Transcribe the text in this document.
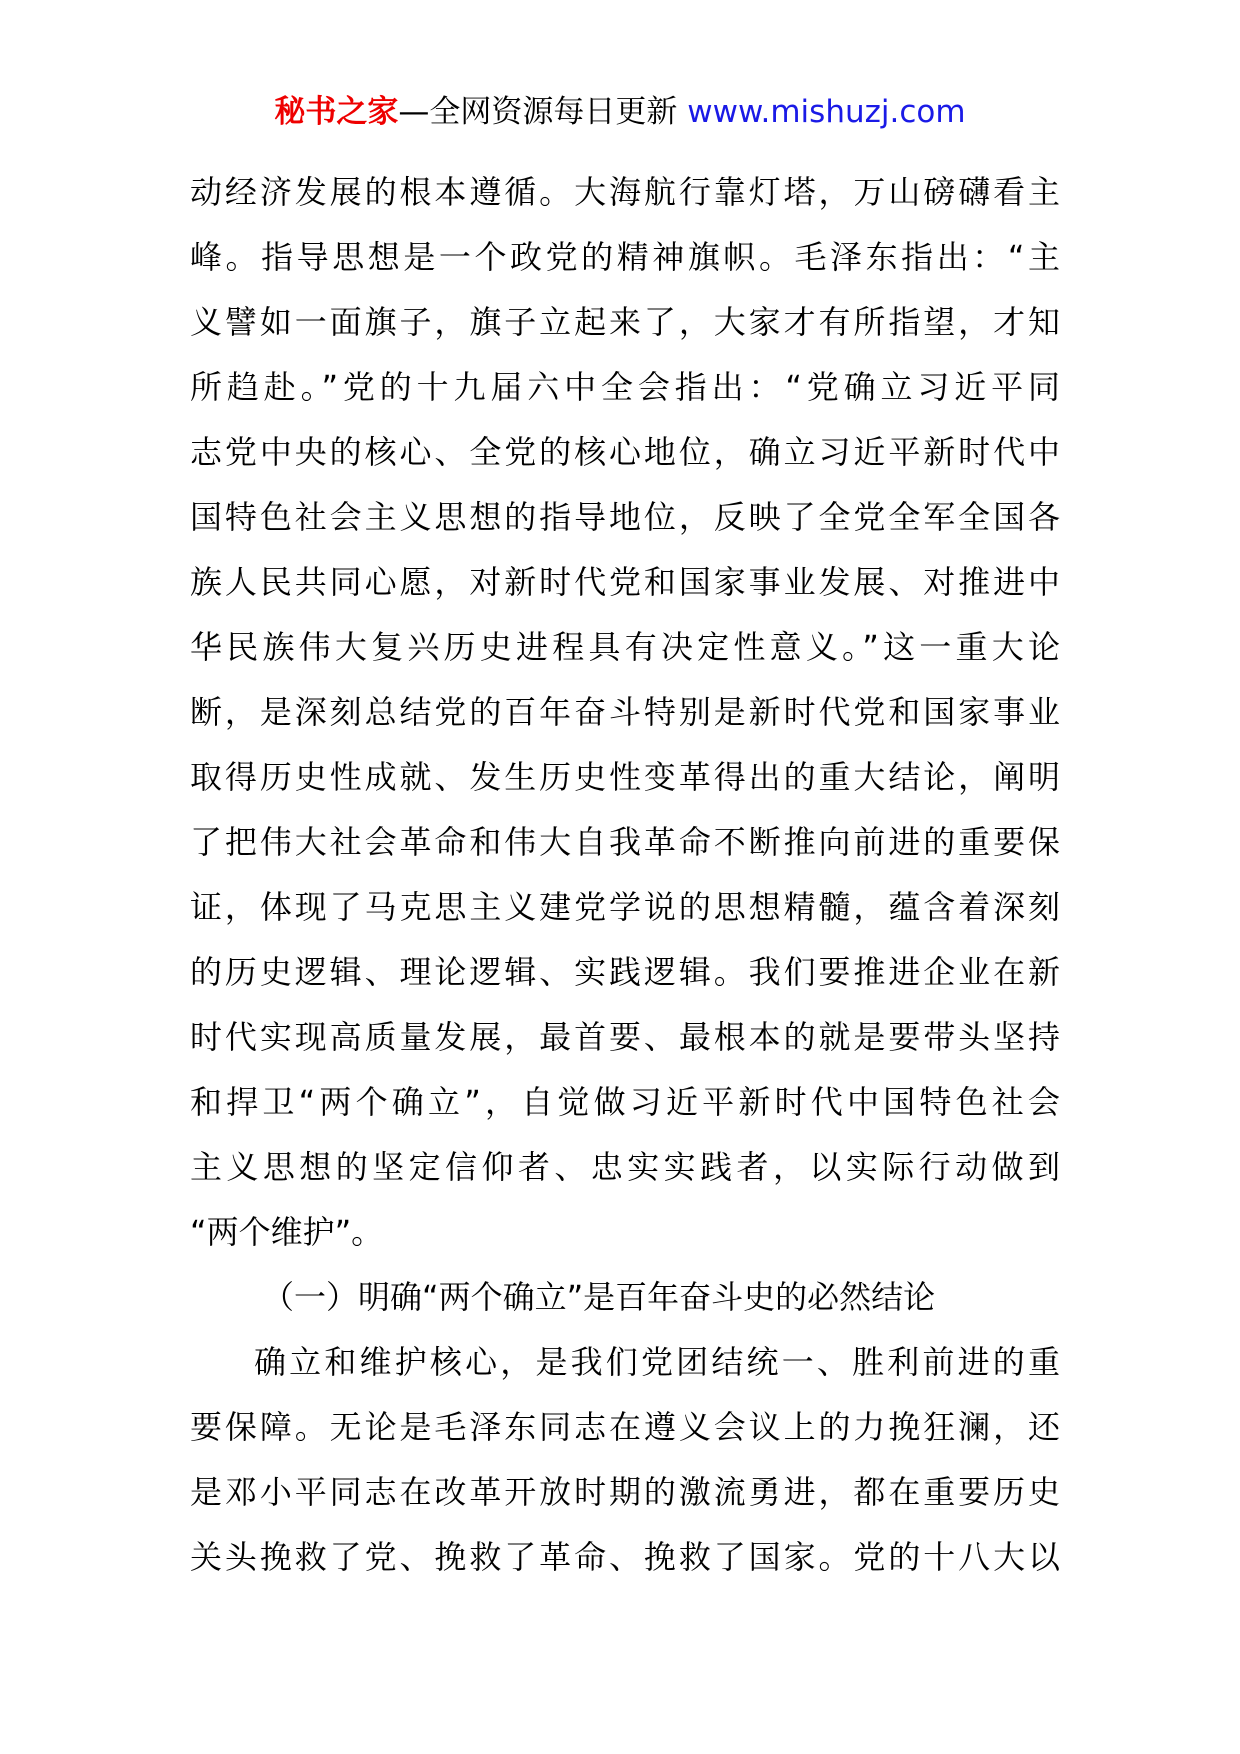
秘书之家—全网资源每日更新 www.mishuzj.com
动经济发展的根本遵循。大海航行靠灯塔，万山磅礴看主
峰。指导思想是一个政党的精神旗帜。毛泽东指出：“主
义譬如一面旗子，旗子立起来了，大家才有所指望，才知
所趋赴。”党的十九届六中全会指出：“党确立习近平同
志党中央的核心、全党的核心地位，确立习近平新时代中
国特色社会主义思想的指导地位，反映了全党全军全国各
族人民共同心愿，对新时代党和国家事业发展、对推进中
华民族伟大复兴历史进程具有决定性意义。”这一重大论
断，是深刻总结党的百年奋斗特别是新时代党和国家事业
取得历史性成就、发生历史性变革得出的重大结论，阐明
了把伟大社会革命和伟大自我革命不断推向前进的重要保
证，体现了马克思主义建党学说的思想精髓，蕴含着深刻
的历史逻辑、理论逻辑、实践逻辑。我们要推进企业在新
时代实现高质量发展，最首要、最根本的就是要带头坚持
和捍卫“两个确立”，自觉做习近平新时代中国特色社会
主义思想的坚定信仰者、忠实实践者，以实际行动做到
“两个维护”。
（一）明确“两个确立”是百年奋斗史的必然结论
确立和维护核心，是我们党团结统一、胜利前进的重
要保障。无论是毛泽东同志在遵义会议上的力挽狂澜，还
是邓小平同志在改革开放时期的激流勇进，都在重要历史
关头挽救了党、挽救了革命、挽救了国家。党的十八大以
